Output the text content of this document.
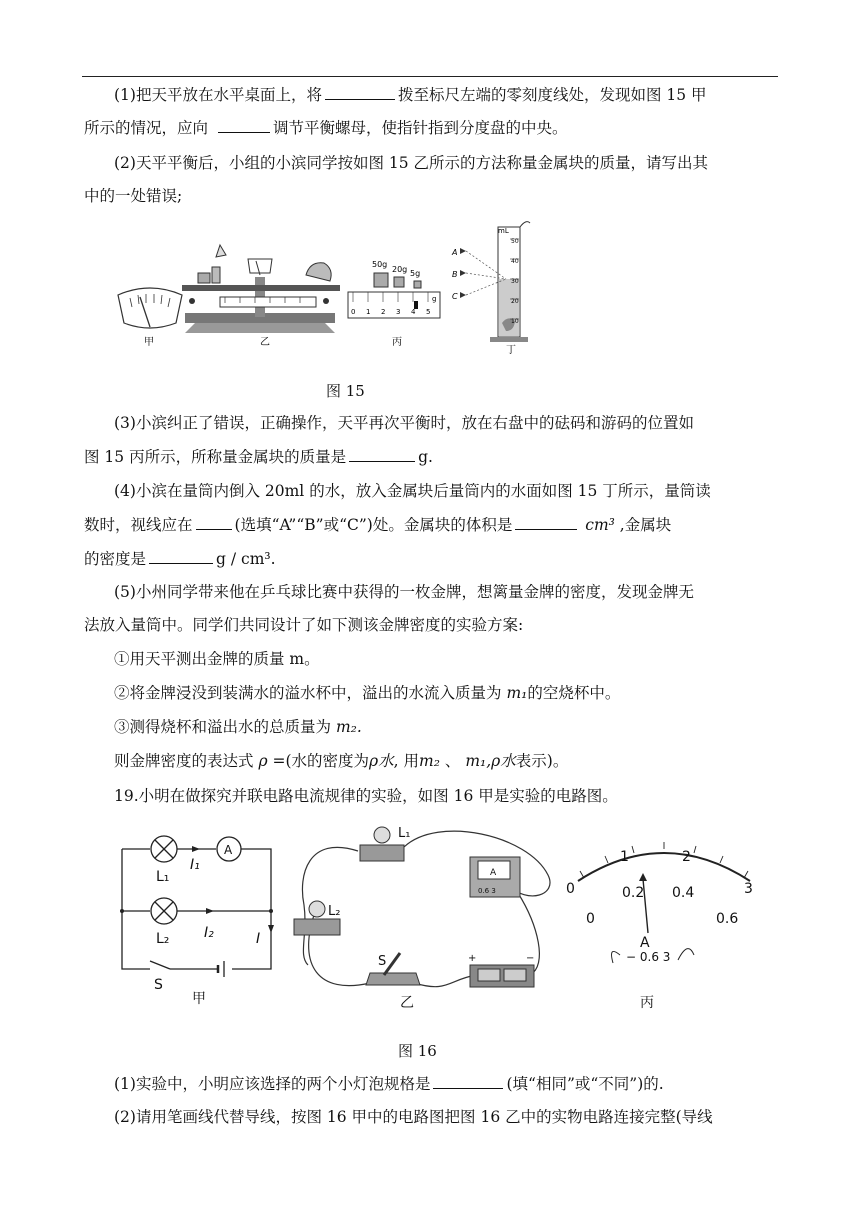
(1)把天平放在水平桌面上，将	拨至标尺左端的零刻度线处，发现如图 15 甲
所示的情况，应向	调节平衡螺母，使指针指到分度盘的中央。
(2)天平平衡后，小组的小滨同学按如图 15 乙所示的方法称量金属块的质量，请写出其
中的一处错误;
甲	乙
50g
20g 5g
0 1 2 3 4 5
g
丙
mL
50
40
30
20
10
A
B
C
丁
图 15
(3)小滨纠正了错误，正确操作，天平再次平衡时，放在右盘中的砝码和游码的位置如
图 15 丙所示，所称量金属块的质量是	g.
(4)小滨在量筒内倒入 20ml 的水，放入金属块后量筒内的水面如图 15 丁所示，量筒读
数时，视线应在	(选填“A”“B”或“C”)处。金属块的体积是	cm³ ,金属块
的密度是	g / cm³.
(5)小州同学带来他在乒乓球比赛中获得的一枚金牌，想篱量金牌的密度，发现金牌无
法放入量筒中。同学们共同设计了如下测该金牌密度的实验方案:
①用天平测出金牌的质量 m。
②将金牌浸没到装满水的溢水杯中，溢出的水流入质量为 m₁的空烧杯中。
③测得烧杯和溢出水的总质量为 m₂.
则金牌密度的表达式 ρ =(水的密度为ρ水, 用m₂ 、 m₁,ρ水表示)。
19.小明在做探究并联电路电流规律的实验，如图 16 甲是实验的电路图。
L₁
I₁
A
L₂ I₂	I
S
甲
L₁
L₂
S
A
0.6 3
+	−
乙
0
1	2
3
0
0.2 0.4
0.6
A
− 0.6 3
丙
图 16
(1)实验中，小明应该选择的两个小灯泡规格是	(填“相同”或“不同”)的.
(2)请用笔画线代替导线，按图 16 甲中的电路图把图 16 乙中的实物电路连接完整(导线
